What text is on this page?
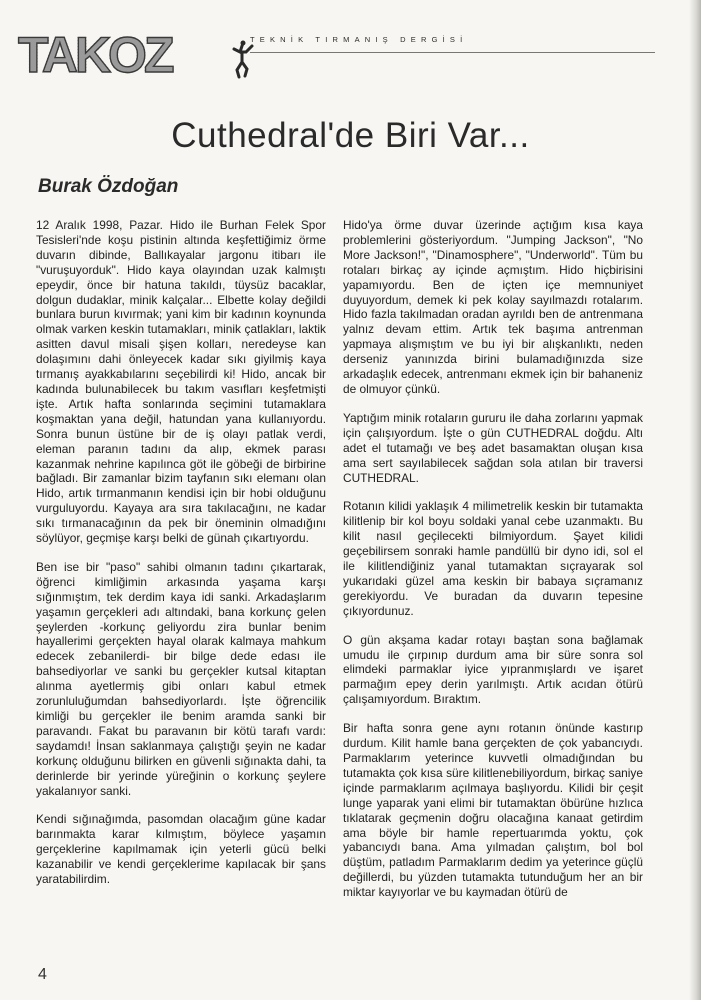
TAKOZ	TEKNİK TIRMANIŞ DERGİSİ
Cuthedral'de Biri Var...
Burak Özdoğan

12 Aralık 1998, Pazar. Hido ile Burhan Felek Spor Tesisleri'nde koşu pistinin altında keşfettiğimiz örme duvarın dibinde, Ballıkayalar jargonu itibarı ile "vuruşuyorduk". Hido kaya olayından uzak kalmıştı epeydir, önce bir hatuna takıldı, tüysüz bacaklar, dolgun dudaklar, minik kalçalar... Elbette kolay değildi bunlara burun kıvırmak; yani kim bir kadının koynunda olmak varken keskin tutamakları, minik çatlakları, laktik asitten davul misali şişen kolları, neredeyse kan dolaşımını dahi önleyecek kadar sıkı giyilmiş kaya tırmanış ayakkabılarını seçebilirdi ki! Hido, ancak bir kadında bulunabilecek bu takım vasıfları keşfetmişti işte. Artık hafta sonlarında seçimini tutamaklara koşmaktan yana değil, hatundan yana kullanıyordu. Sonra bunun üstüne bir de iş olayı patlak verdi, eleman paranın tadını da alıp, ekmek parası kazanmak nehrine kapılınca göt ile göbeği de birbirine bağladı. Bir zamanlar bizim tayfanın sıkı elemanı olan Hido, artık tırmanmanın kendisi için bir hobi olduğunu vurguluyordu. Kayaya ara sıra takılacağını, ne kadar sıkı tırmanacağının da pek bir öneminin olmadığını söylüyor, geçmişe karşı belki de günah çıkartıyordu.

Ben ise bir "paso" sahibi olmanın tadını çıkartarak, öğrenci kimliğimin arkasında yaşama karşı sığınmıştım, tek derdim kaya idi sanki. Arkadaşlarım yaşamın gerçekleri adı altındaki, bana korkunç gelen şeylerden -korkunç geliyordu zira bunlar benim hayallerimi gerçekten hayal olarak kalmaya mahkum edecek zebanilerdi- bir bilge dede edası ile bahsediyorlar ve sanki bu gerçekler kutsal kitaptan alınma ayetlermiş gibi onları kabul etmek zorunluluğumdan bahsediyorlardı. İşte öğrencilik kimliği bu gerçekler ile benim aramda sanki bir paravandı. Fakat bu paravanın bir kötü tarafı vardı: saydamdı! İnsan saklanmaya çalıştığı şeyin ne kadar korkunç olduğunu bilirken en güvenli sığınakta dahi, ta derinlerde bir yerinde yüreğinin o korkunç şeylere yakalanıyor sanki.

Kendi sığınağımda, pasomdan olacağım güne kadar barınmakta karar kılmıştım, böylece yaşamın gerçeklerine kapılmamak için yeterli gücü belki kazanabilir ve kendi gerçeklerime kapılacak bir şans yaratabilirdim.

Hido'ya örme duvar üzerinde açtığım kısa kaya problemlerini gösteriyordum. "Jumping Jackson", "No More Jackson!", "Dinamosphere", "Underworld". Tüm bu rotaları birkaç ay içinde açmıştım. Hido hiçbirisini yapamıyordu. Ben de içten içe memnuniyet duyuyordum, demek ki pek kolay sayılmazdı rotalarım. Hido fazla takılmadan oradan ayrıldı ben de antrenmana yalnız devam ettim. Artık tek başıma antrenman yapmaya alışmıştım ve bu iyi bir alışkanlıktı, neden derseniz yanınızda birini bulamadığınızda size arkadaşlık edecek, antrenmanı ekmek için bir bahaneniz de olmuyor çünkü.

Yaptığım minik rotaların gururu ile daha zorlarını yapmak için çalışıyordum. İşte o gün CUTHEDRAL doğdu. Altı adet el tutamağı ve beş adet basamaktan oluşan kısa ama sert sayılabilecek sağdan sola atılan bir traversi CUTHEDRAL.

Rotanın kilidi yaklaşık 4 milimetrelik keskin bir tutamakta kilitlenip bir kol boyu soldaki yanal cebe uzanmaktı. Bu kilit nasıl geçilecekti bilmiyordum. Şayet kilidi geçebilirsem sonraki hamle pandüllü bir dyno idi, sol el ile kilitlendiğiniz yanal tutamaktan sıçrayarak sol yukarıdaki güzel ama keskin bir babaya sıçramanız gerekiyordu. Ve buradan da duvarın tepesine çıkıyordunuz.

O gün akşama kadar rotayı baştan sona bağlamak umudu ile çırpınıp durdum ama bir süre sonra sol elimdeki parmaklar iyice yıpranmışlardı ve işaret parmağım epey derin yarılmıştı. Artık acıdan ötürü çalışamıyordum. Bıraktım.

Bir hafta sonra gene aynı rotanın önünde kastırıp durdum. Kilit hamle bana gerçekten de çok yabancıydı. Parmaklarım yeterince kuvvetli olmadığından bu tutamakta çok kısa süre kilitlenebiliyordum, birkaç saniye içinde parmaklarım açılmaya başlıyordu. Kilidi bir çeşit lunge yaparak yani elimi bir tutamaktan öbürüne hızlıca tıklatarak geçmenin doğru olacağına kanaat getirdim ama böyle bir hamle repertuarımda yoktu, çok yabancıydı bana. Ama yılmadan çalıştım, bol bol düştüm, patladım Parmaklarım dedim ya yeterince güçlü değillerdi, bu yüzden tutamakta tutunduğum her an bir miktar kayıyorlar ve bu kaymadan ötürü de

4
